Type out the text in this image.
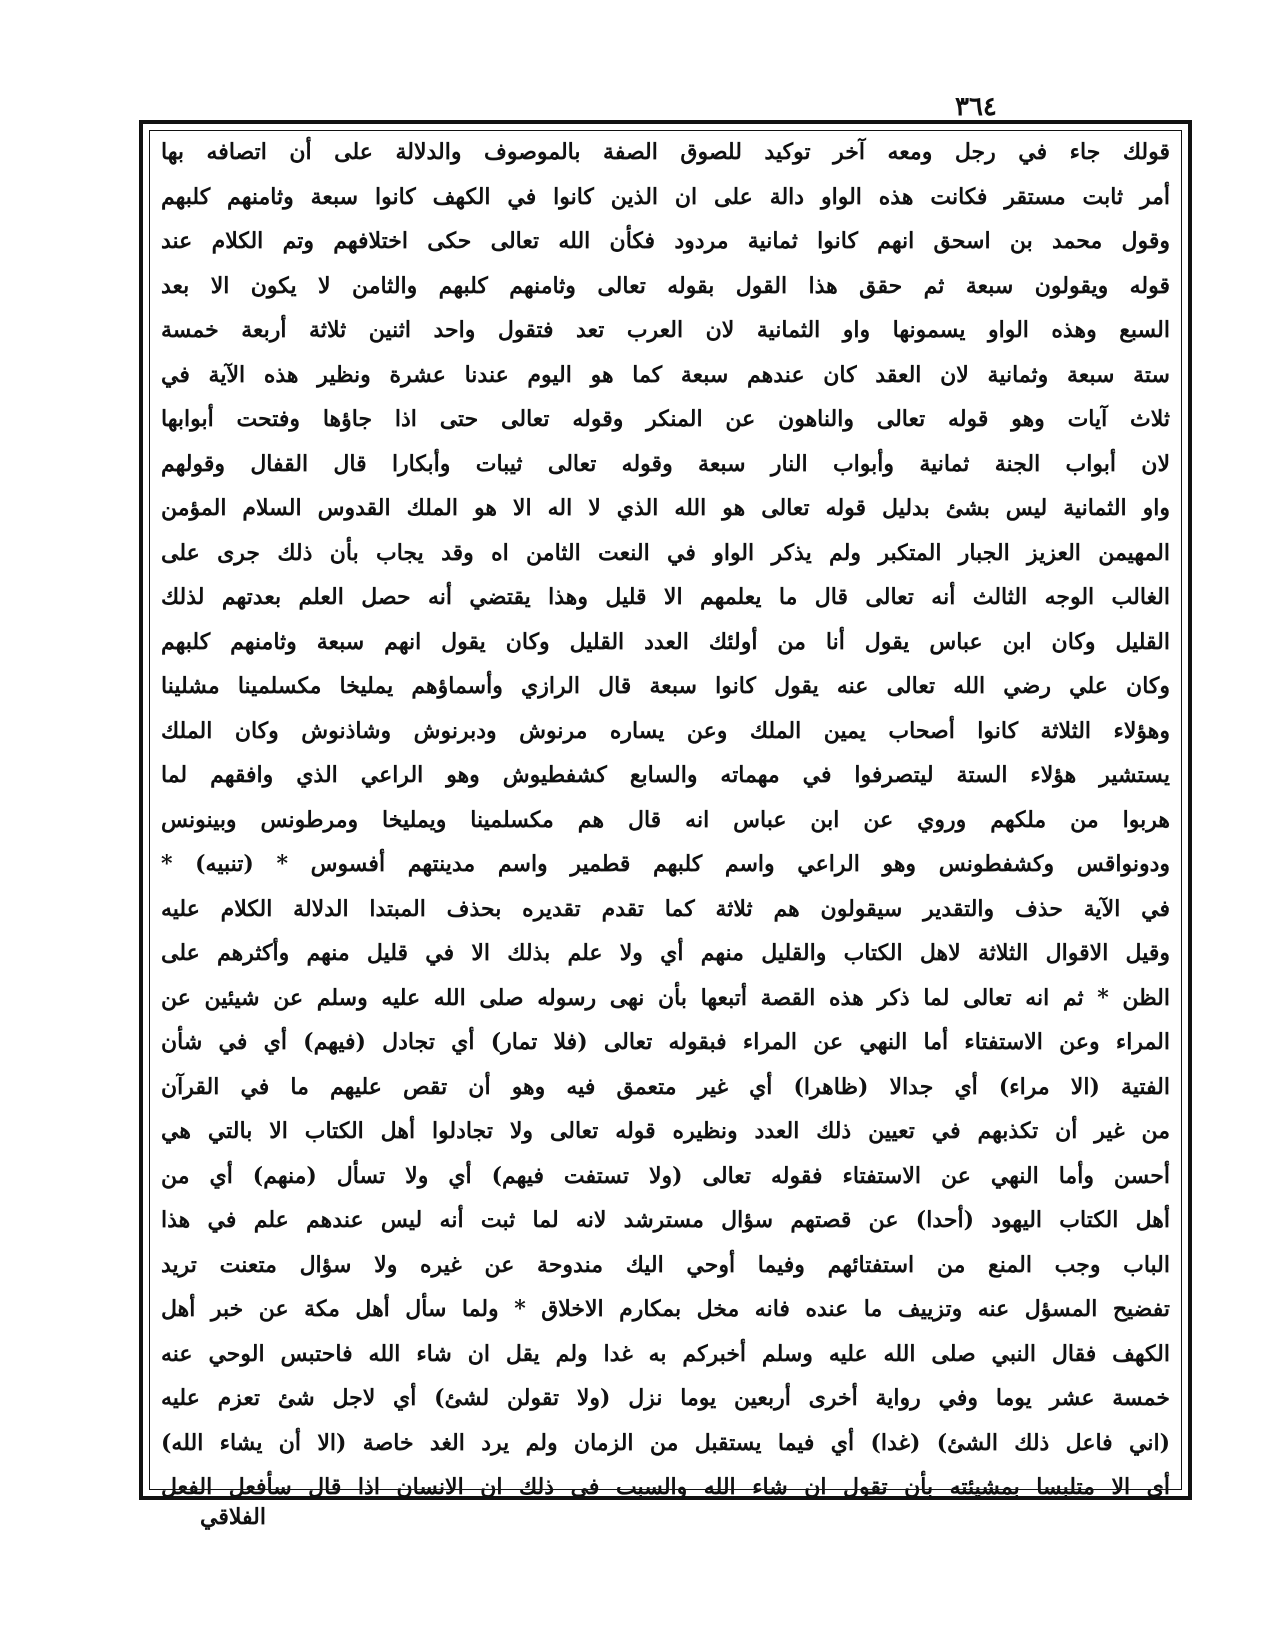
٣٦٤
قولك جاء في رجل ومعه آخر توكيد للصوق الصفة بالموصوف والدلالة على أن اتصافه بها
أمر ثابت مستقر فكانت هذه الواو دالة على ان الذين كانوا في الكهف كانوا سبعة وثامنهم كلبهم
وقول محمد بن اسحق انهم كانوا ثمانية مردود فكأن الله تعالى حكى اختلافهم وتم الكلام عند
قوله ويقولون سبعة ثم حقق هذا القول بقوله تعالى وثامنهم كلبهم والثامن لا يكون الا بعد
السبع وهذه الواو يسمونها واو الثمانية لان العرب تعد فتقول واحد اثنين ثلاثة أربعة خمسة
ستة سبعة وثمانية لان العقد كان عندهم سبعة كما هو اليوم عندنا عشرة ونظير هذه الآية في
ثلاث آيات وهو قوله تعالى والناهون عن المنكر وقوله تعالى حتى اذا جاؤها وفتحت أبوابها
لان أبواب الجنة ثمانية وأبواب النار سبعة وقوله تعالى ثيبات وأبكارا قال القفال وقولهم
واو الثمانية ليس بشئ بدليل قوله تعالى هو الله الذي لا اله الا هو الملك القدوس السلام المؤمن
المهيمن العزيز الجبار المتكبر ولم يذكر الواو في النعت الثامن اه وقد يجاب بأن ذلك جرى على
الغالب الوجه الثالث أنه تعالى قال ما يعلمهم الا قليل وهذا يقتضي أنه حصل العلم بعدتهم لذلك
القليل وكان ابن عباس يقول أنا من أولئك العدد القليل وكان يقول انهم سبعة وثامنهم كلبهم
وكان علي رضي الله تعالى عنه يقول كانوا سبعة قال الرازي وأسماؤهم يمليخا مكسلمينا مشلينا
وهؤلاء الثلاثة كانوا أصحاب يمين الملك وعن يساره مرنوش ودبرنوش وشاذنوش وكان الملك
يستشير هؤلاء الستة ليتصرفوا في مهماته والسابع كشفطيوش وهو الراعي الذي وافقهم لما
هربوا من ملكهم وروي عن ابن عباس انه قال هم مكسلمينا ويمليخا ومرطونس وبينونس
ودونواقس وكشفطونس وهو الراعي واسم كلبهم قطمير واسم مدينتهم أفسوس * (تنبيه) *
في الآية حذف والتقدير سيقولون هم ثلاثة كما تقدم تقديره بحذف المبتدا الدلالة الكلام عليه
وقيل الاقوال الثلاثة لاهل الكتاب والقليل منهم أي ولا علم بذلك الا في قليل منهم وأكثرهم على
الظن * ثم انه تعالى لما ذكر هذه القصة أتبعها بأن نهى رسوله صلى الله عليه وسلم عن شيئين عن
المراء وعن الاستفتاء أما النهي عن المراء فبقوله تعالى (فلا تمار) أي تجادل (فيهم) أي في شأن
الفتية (الا مراء) أي جدالا (ظاهرا) أي غير متعمق فيه وهو أن تقص عليهم ما في القرآن
من غير أن تكذبهم في تعيين ذلك العدد ونظيره قوله تعالى ولا تجادلوا أهل الكتاب الا بالتي هي
أحسن وأما النهي عن الاستفتاء فقوله تعالى (ولا تستفت فيهم) أي ولا تسأل (منهم) أي من
أهل الكتاب اليهود (أحدا) عن قصتهم سؤال مسترشد لانه لما ثبت أنه ليس عندهم علم في هذا
الباب وجب المنع من استفتائهم وفيما أوحي اليك مندوحة عن غيره ولا سؤال متعنت تريد
تفضيح المسؤل عنه وتزييف ما عنده فانه مخل بمكارم الاخلاق * ولما سأل أهل مكة عن خبر أهل
الكهف فقال النبي صلى الله عليه وسلم أخبركم به غدا ولم يقل ان شاء الله فاحتبس الوحي عنه
خمسة عشر يوما وفي رواية أخرى أربعين يوما نزل (ولا تقولن لشئ) أي لاجل شئ تعزم عليه
(اني فاعل ذلك الشئ) (غدا) أي فيما يستقبل من الزمان ولم يرد الغد خاصة (الا أن يشاء الله)
أي الا متلبسا بمشيئته بأن تقول ان شاء الله والسبب في ذلك ان الانسان اذا قال سأفعل الفعل
الفلاقي
